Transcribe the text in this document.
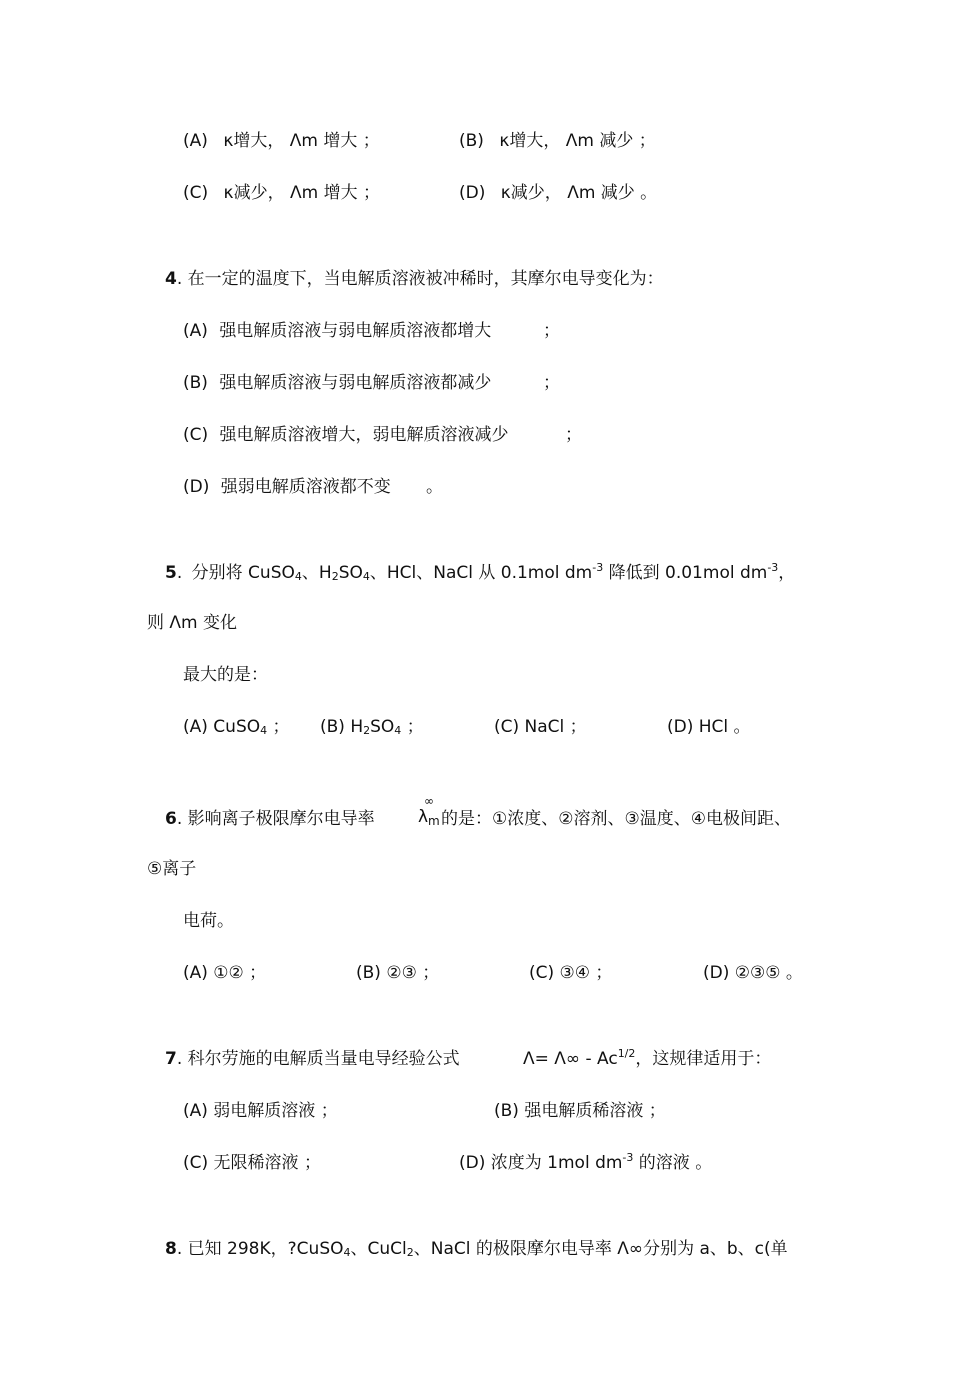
(A) κ增大， Λm 增大 ；	(B) κ增大， Λm 减少 ；
(C) κ减少， Λm 增大 ；	(D) κ减少， Λm 减少 。
4. 在一定的温度下，当电解质溶液被冲稀时，其摩尔电导变化为：
(A) 强电解质溶液与弱电解质溶液都增大	；
(B) 强电解质溶液与弱电解质溶液都减少	；
(C) 强电解质溶液增大，弱电解质溶液减少	；
(D) 强弱电解质溶液都不变 。
5. 分别将 CuSO$_4$、$H_2SO_4$、HCl、NaCl 从 0.1mol $dm^{-3}$ 降低到 0.01mol $dm^{-3}$，
则 Λm 变化
最大的是：
(A) CuSO$_4$ ； (B) $H_2SO_4$ ；	(C) NaCl ；	(D) HCl 。
6. 影响离子极限摩尔电导率
∞
λ m 的是：①浓度、②溶剂、③温度、④电极间距、
⑤离子
电荷。
(A) ①② ；	(B) ②③ ；	(C) ③④ ；	(D) ②③⑤ 。
7. 科尔劳施的电解质当量电导经验公式	$\Lambda= \Lambda\infty - Ac^{1/2}$，这规律适用于：
(A) 弱电解质溶液 ；	(B) 强电解质稀溶液 ；
(C) 无限稀溶液 ；	(D) 浓度为 1mol $dm^{-3}$ 的溶液 。
8. 已知 298K，?CuSO$_4$、CuCl$_2$、NaCl 的极限摩尔电导率 Λ∞分别为 a、b、c(单
